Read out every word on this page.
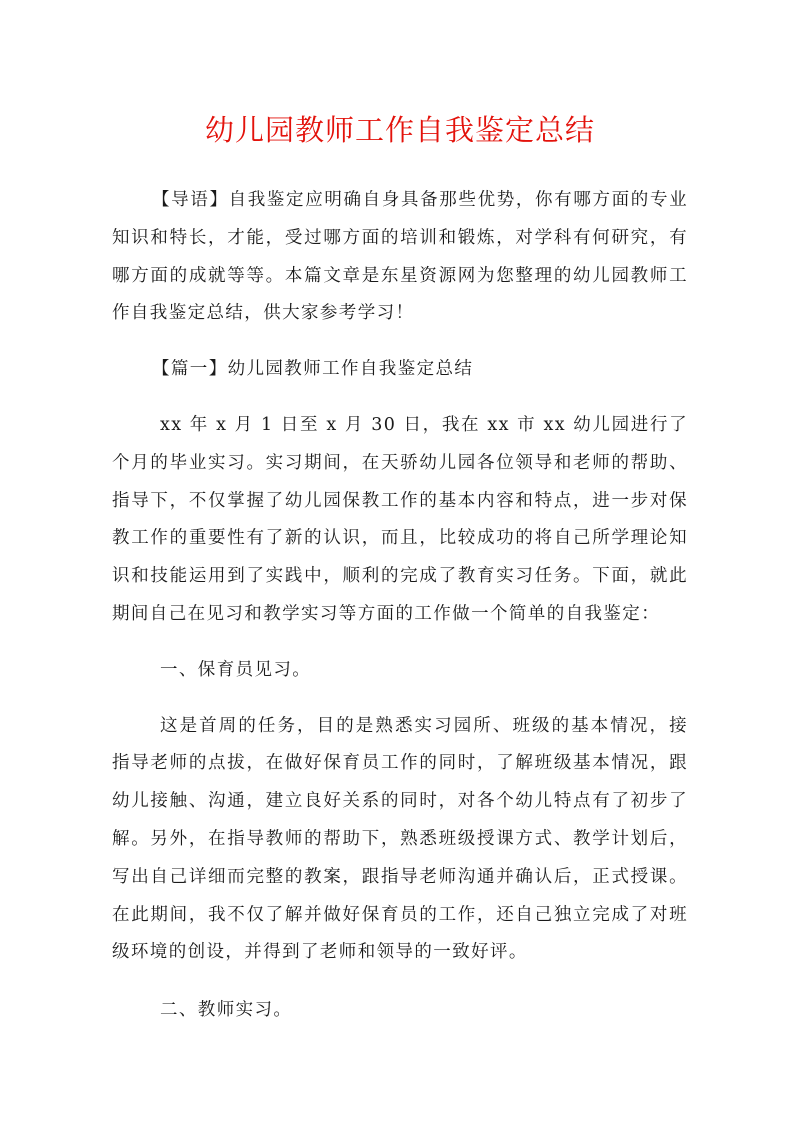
幼儿园教师工作自我鉴定总结

【导语】自我鉴定应明确自身具备那些优势，你有哪方面的专业
知识和特长，才能，受过哪方面的培训和锻炼，对学科有何研究，有
哪方面的成就等等。本篇文章是东星资源网为您整理的幼儿园教师工
作自我鉴定总结，供大家参考学习！

【篇一】幼儿园教师工作自我鉴定总结

xx 年 x 月 1 日至 x 月 30 日，我在 xx 市 xx 幼儿园进行了
个月的毕业实习。实习期间，在天骄幼儿园各位领导和老师的帮助、
指导下，不仅掌握了幼儿园保教工作的基本内容和特点，进一步对保
教工作的重要性有了新的认识，而且，比较成功的将自己所学理论知
识和技能运用到了实践中，顺利的完成了教育实习任务。下面，就此
期间自己在见习和教学实习等方面的工作做一个简单的自我鉴定：

一、保育员见习。

这是首周的任务，目的是熟悉实习园所、班级的基本情况，接
指导老师的点拔，在做好保育员工作的同时，了解班级基本情况，跟
幼儿接触、沟通，建立良好关系的同时，对各个幼儿特点有了初步了
解。另外，在指导教师的帮助下，熟悉班级授课方式、教学计划后，
写出自己详细而完整的教案，跟指导老师沟通并确认后，正式授课。
在此期间，我不仅了解并做好保育员的工作，还自己独立完成了对班
级环境的创设，并得到了老师和领导的一致好评。

二、教师实习。
